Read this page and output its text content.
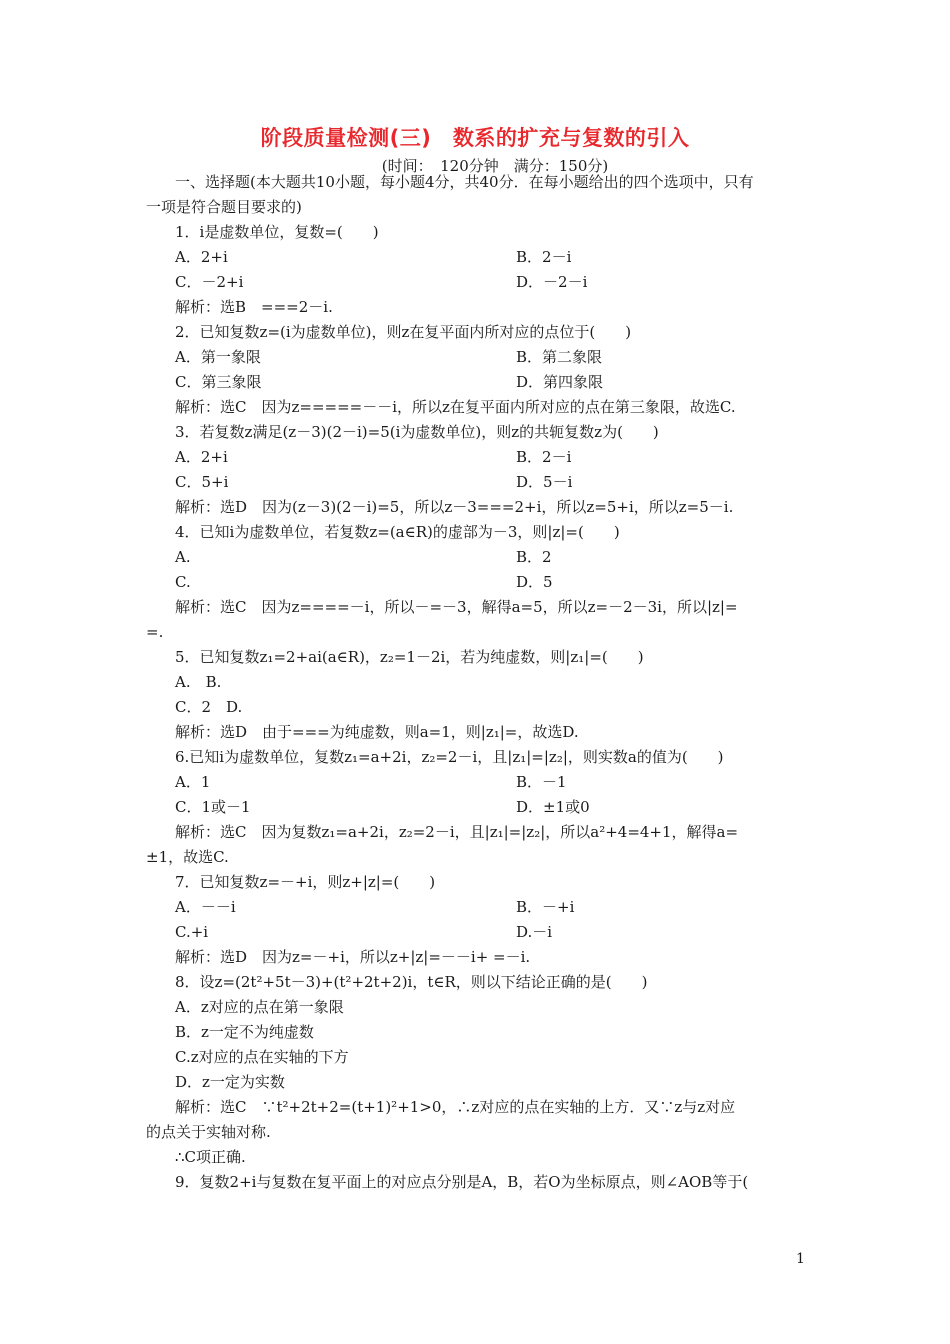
阶段质量检测(三)　数系的扩充与复数的引入
(时间：　120分钟　满分：150分)
一、选择题(本大题共10小题，每小题4分，共40分．在每小题给出的四个选项中，只有
一项是符合题目要求的)
1．i是虚数单位，复数=(　　)
A．2+i	B．2－i
C．－2+i	D．－2－i
解析：选B　===2－i.
2．已知复数z=(i为虚数单位)，则z在复平面内所对应的点位于(　　)
A．第一象限	B．第二象限
C．第三象限	D．第四象限
解析：选C　因为z=====－－i，所以z在复平面内所对应的点在第三象限，故选C.
3．若复数z满足(z－3)(2－i)=5(i为虚数单位)，则z的共轭复数z为(　　)
A．2+i	B．2－i
C．5+i	D．5－i
解析：选D　因为(z－3)(2－i)=5，所以z－3===2+i，所以z=5+i，所以z=5－i.
4．已知i为虚数单位，若复数z=(a∈R)的虚部为－3，则|z|=(　　)
A.	B．2
C.	D．5
解析：选C　因为z====－i，所以－=－3，解得a=5，所以z=－2－3i，所以|z|=
=.
5．已知复数z₁=2+ai(a∈R)，z₂=1－2i，若为纯虚数，则|z₁|=(　　)
A.　B.
C．2　D.
解析：选D　由于===为纯虚数，则a=1，则|z₁|=，故选D.
6.已知i为虚数单位，复数z₁=a+2i，z₂=2－i，且|z₁|=|z₂|，则实数a的值为(　　)
A．1	B．－1
C．1或－1	D．±1或0
解析：选C　因为复数z₁=a+2i，z₂=2－i，且|z₁|=|z₂|，所以a²+4=4+1，解得a=
±1，故选C.
7．已知复数z=－+i，则z+|z|=(　　)
A．－－i	B．－+i
C.+i	D.－i
解析：选D　因为z=－+i，所以z+|z|=－－i+ =－i.
8．设z=(2t²+5t－3)+(t²+2t+2)i，t∈R，则以下结论正确的是(　　)
A．z对应的点在第一象限
B．z一定不为纯虚数
C.z对应的点在实轴的下方
D．z一定为实数
解析：选C　∵t²+2t+2=(t+1)²+1>0，∴z对应的点在实轴的上方．又∵z与z对应
的点关于实轴对称.
∴C项正确.
9．复数2+i与复数在复平面上的对应点分别是A，B，若O为坐标原点，则∠AOB等于(
1
